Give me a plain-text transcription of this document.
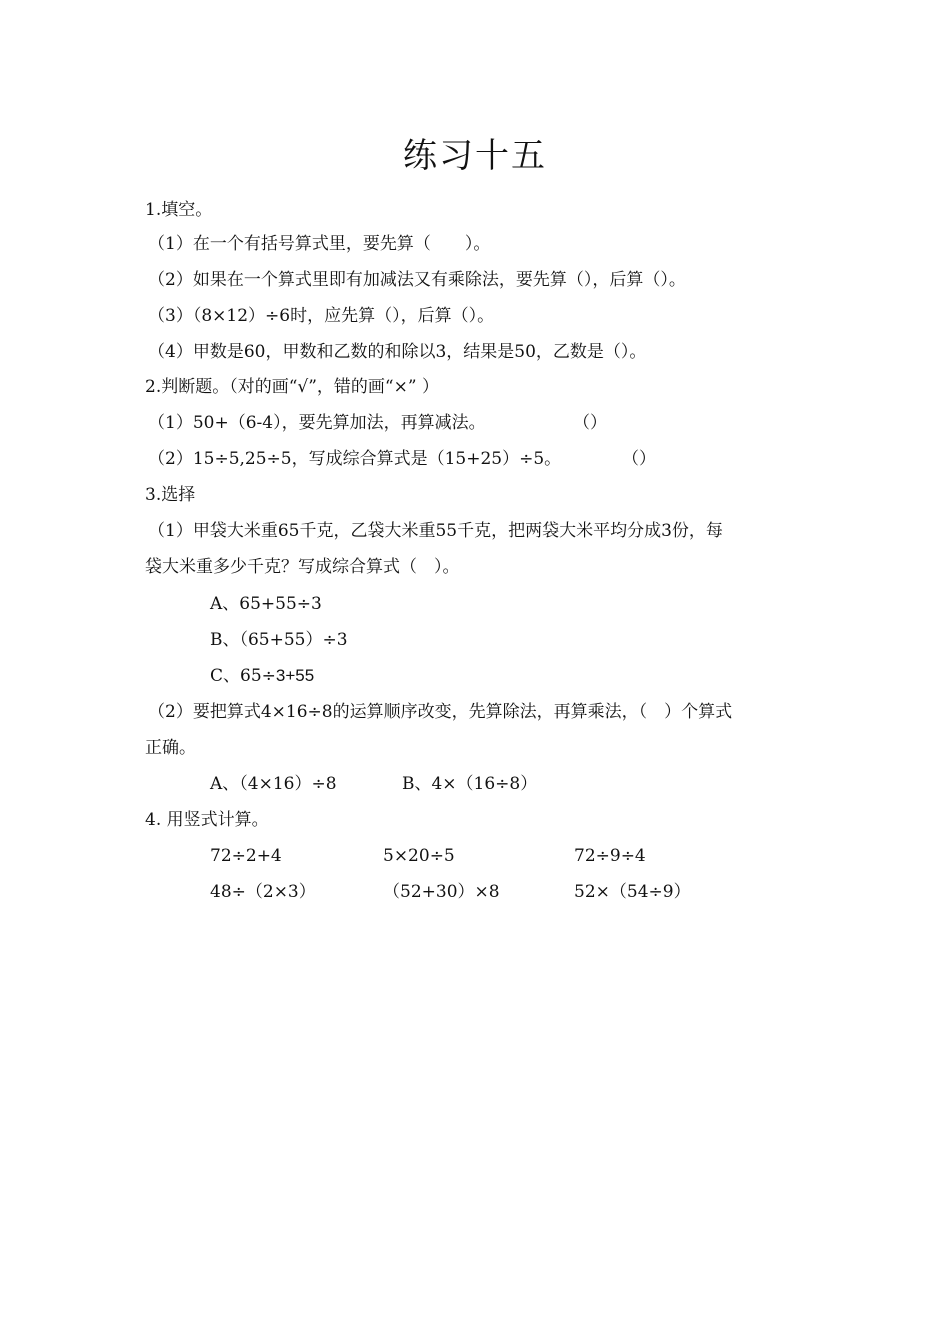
练习十五
1.填空。
（1）在一个有括号算式里，要先算（　　）。
（2）如果在一个算式里即有加减法又有乘除法，要先算（），后算（）。
（3）（8×12）÷6时，应先算（），后算（）。
（4）甲数是60，甲数和乙数的和除以3，结果是50，乙数是（）。
2.判断题。（对的画“√”，错的画“×” ）
（1）50+（6-4），要先算加法，再算减法。	（）
（2）15÷5,25÷5，写成综合算式是（15+25）÷5。	（）
3.选择
（1）甲袋大米重65千克，乙袋大米重55千克，把两袋大米平均分成3份，每
袋大米重多少千克？写成综合算式（　）。
A、65+55÷3
B、（65+55）÷3
C、65÷3+55
（2）要把算式4×16÷8的运算顺序改变，先算除法，再算乘法，（　）个算式
正确。
A、（4×16）÷8	B、4×（16÷8）
4. 用竖式计算。
72÷2+4	5×20÷5	72÷9÷4
48÷（2×3）	（52+30）×8	52×（54÷9）
